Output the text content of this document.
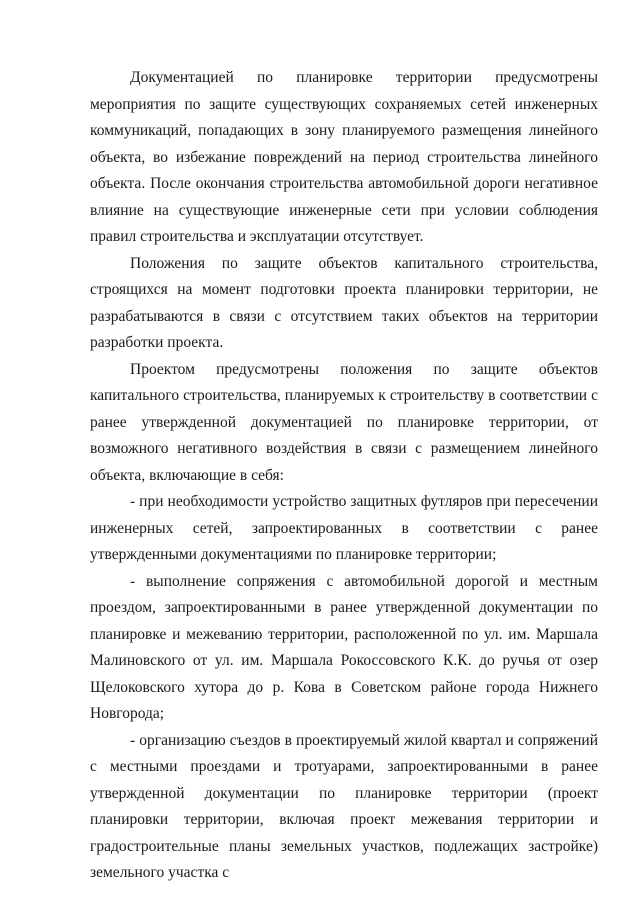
Документацией по планировке территории предусмотрены мероприятия по защите существующих сохраняемых сетей инженерных коммуникаций, попадающих в зону планируемого размещения линейного объекта, во избежание повреждений на период строительства линейного объекта. После окончания строительства автомобильной дороги негативное влияние на существующие инженерные сети при условии соблюдения правил строительства и эксплуатации отсутствует.

Положения по защите объектов капитального строительства, строящихся на момент подготовки проекта планировки территории, не разрабатываются в связи с отсутствием таких объектов на территории разработки проекта.

Проектом предусмотрены положения по защите объектов капитального строительства, планируемых к строительству в соответствии с ранее утвержденной документацией по планировке территории, от возможного негативного воздействия в связи с размещением линейного объекта, включающие в себя:

- при необходимости устройство защитных футляров при пересечении инженерных сетей, запроектированных в соответствии с ранее утвержденными документациями по планировке территории;

- выполнение сопряжения с автомобильной дорогой и местным проездом, запроектированными в ранее утвержденной документации по планировке и межеванию территории, расположенной по ул. им. Маршала Малиновского от ул. им. Маршала Рокоссовского К.К. до ручья от озер Щелоковского хутора до р. Кова в Советском районе города Нижнего Новгорода;

- организацию съездов в проектируемый жилой квартал и сопряжений с местными проездами и тротуарами, запроектированными в ранее утвержденной документации по планировке территории (проект планировки территории, включая проект межевания территории и градостроительные планы земельных участков, подлежащих застройке) земельного участка с
